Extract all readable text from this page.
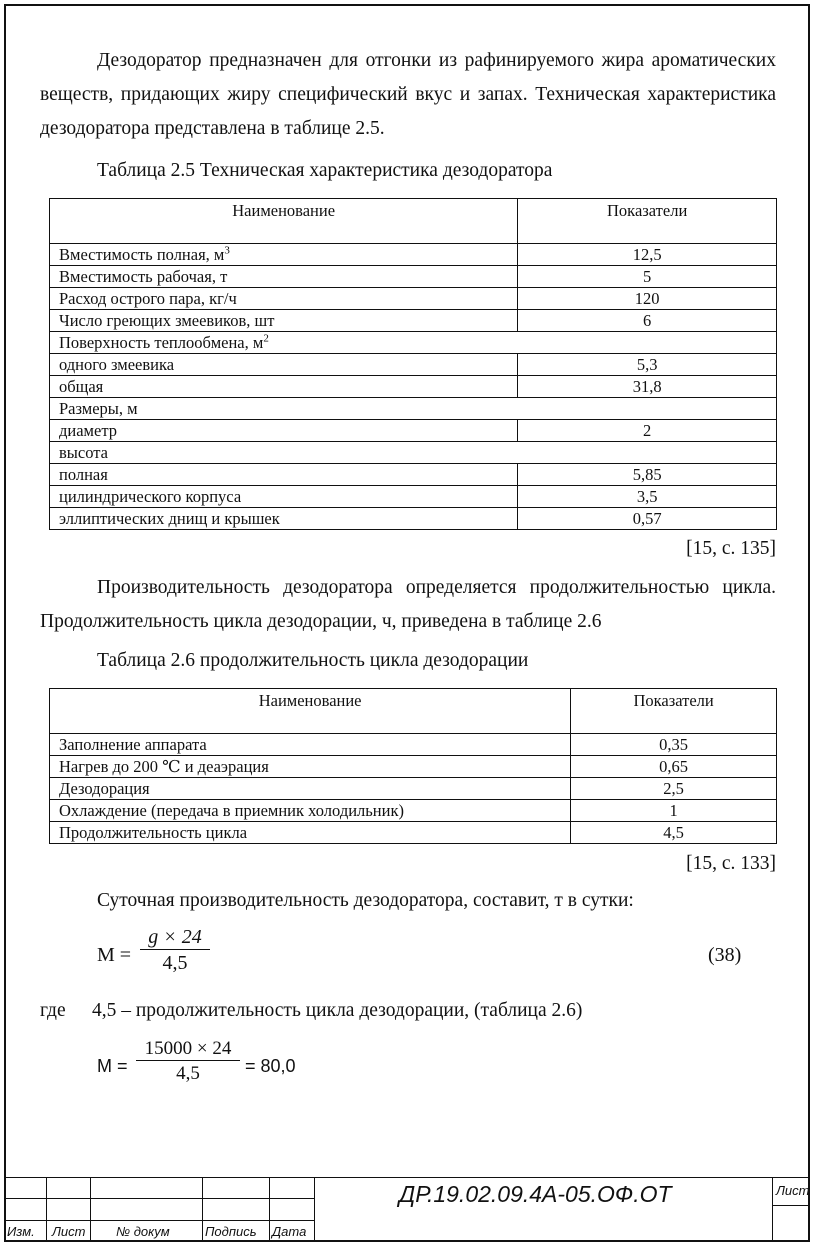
Дезодоратор предназначен для отгонки из рафинируемого жира ароматических веществ, придающих жиру специфический вкус и запах. Техническая характеристика дезодоратора представлена в таблице 2.5.

Таблица 2.5 Техническая характеристика дезодоратора

Наименование	Показатели
Вместимость полная, $м^3$	12,5
Вместимость рабочая, т	5
Расход острого пара, кг/ч	120
Число греющих змеевиков, шт	6
Поверхность теплообмена, $м^2$
одного змеевика	5,3
общая	31,8
Размеры, м	
диаметр	2
высота	
полная	5,85
цилиндрического корпуса	3,5
эллиптических днищ и крышек	0,57

[15, с. 135]

Производительность дезодоратора определяется продолжительностью цикла. Продолжительность цикла дезодорации, ч, приведена в таблице 2.6

Таблица 2.6 продолжительность цикла дезодорации

Наименование	Показатели
Заполнение аппарата	0,35
Нагрев до 200 ℃ и деаэрация	0,65
Дезодорация	2,5
Охлаждение (передача в приемник холодильник)	1
Продолжительность цикла	4,5

[15, с. 133]

Суточная производительность дезодоратора, составит, т в сутки:

М =
g × 24
4,5	(38)
где 4,5 – продолжительность цикла дезодорации, (таблица 2.6)
М =
15000 × 24
4,5	= 80,0
ДР.19.02.09.4А-05.ОФ.ОТ
Изм. Лист № докум	Подпись Дата
Лист
